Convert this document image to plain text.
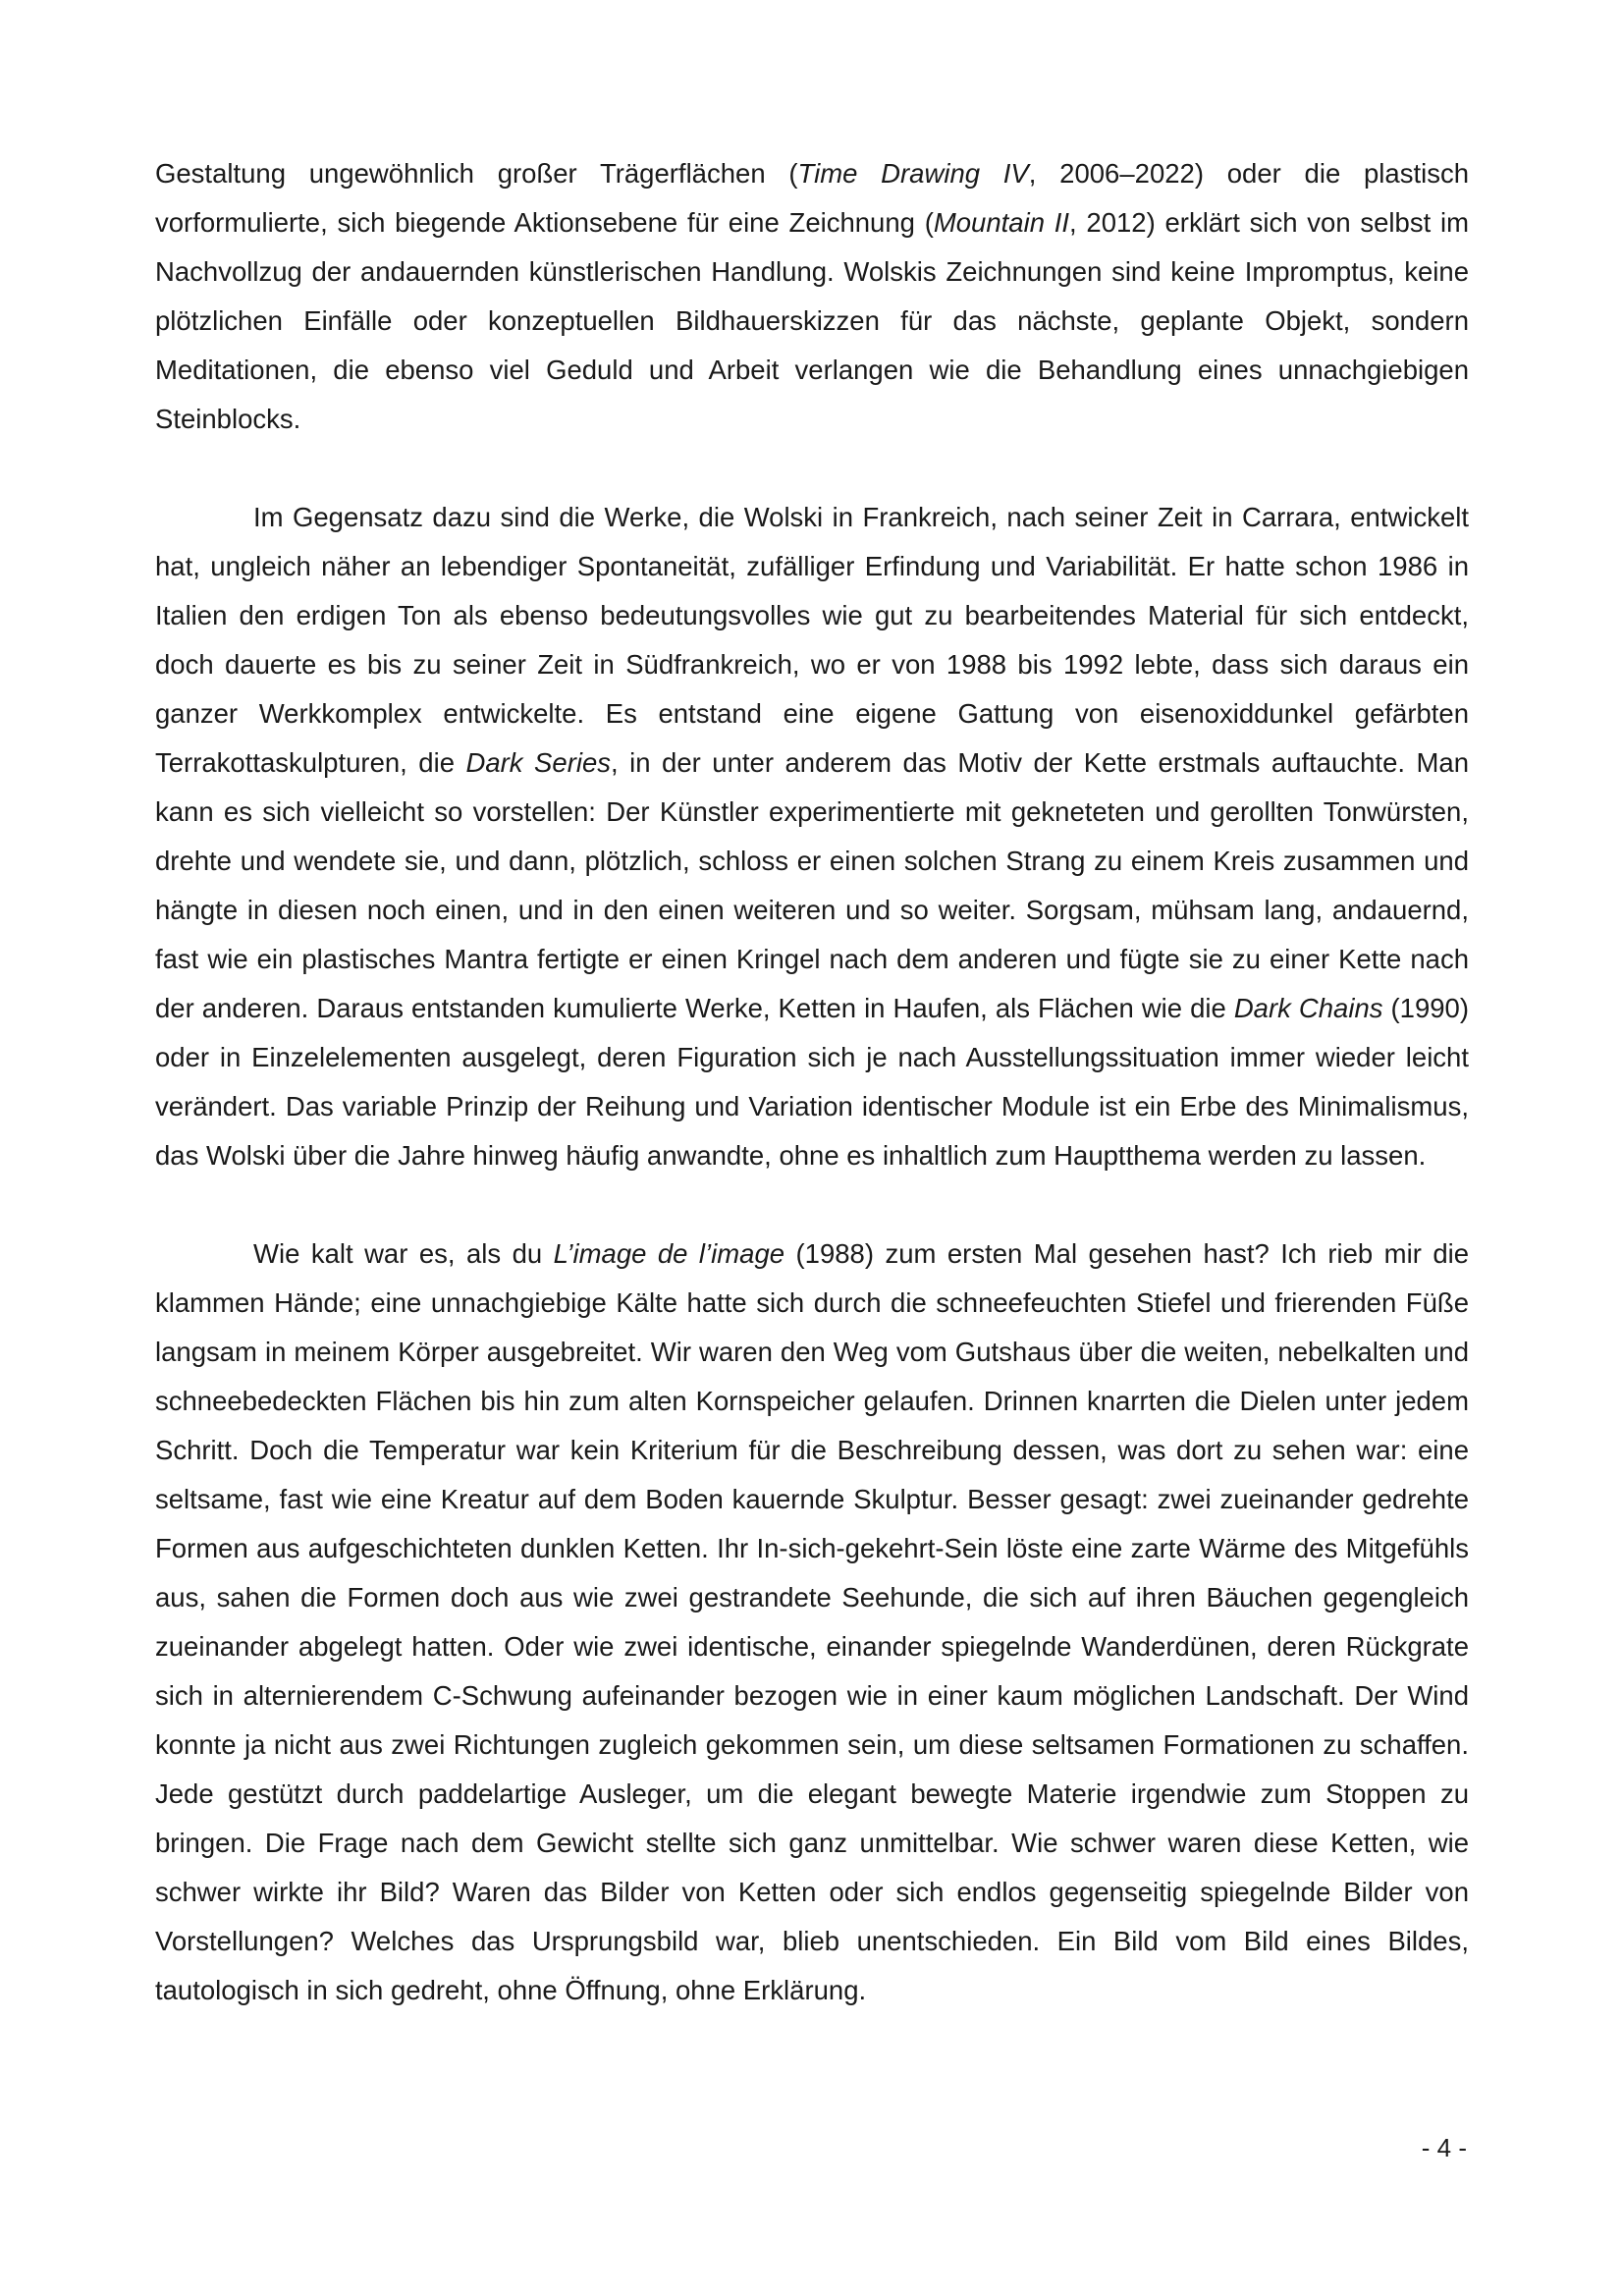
Gestaltung ungewöhnlich großer Trägerflächen (Time Drawing IV, 2006–2022) oder die plastisch vorformulierte, sich biegende Aktionsebene für eine Zeichnung (Mountain II, 2012) erklärt sich von selbst im Nachvollzug der andauernden künstlerischen Handlung. Wolskis Zeichnungen sind keine Impromptus, keine plötzlichen Einfälle oder konzeptuellen Bildhauerskizzen für das nächste, geplante Objekt, sondern Meditationen, die ebenso viel Geduld und Arbeit verlangen wie die Behandlung eines unnachgiebigen Steinblocks.

Im Gegensatz dazu sind die Werke, die Wolski in Frankreich, nach seiner Zeit in Carrara, entwickelt hat, ungleich näher an lebendiger Spontaneität, zufälliger Erfindung und Variabilität. Er hatte schon 1986 in Italien den erdigen Ton als ebenso bedeutungsvolles wie gut zu bearbeitendes Material für sich entdeckt, doch dauerte es bis zu seiner Zeit in Südfrankreich, wo er von 1988 bis 1992 lebte, dass sich daraus ein ganzer Werkkomplex entwickelte. Es entstand eine eigene Gattung von eisenoxiddunkel gefärbten Terrakottaskulpturen, die Dark Series, in der unter anderem das Motiv der Kette erstmals auftauchte. Man kann es sich vielleicht so vorstellen: Der Künstler experimentierte mit gekneteten und gerollten Tonwürsten, drehte und wendete sie, und dann, plötzlich, schloss er einen solchen Strang zu einem Kreis zusammen und hängte in diesen noch einen, und in den einen weiteren und so weiter. Sorgsam, mühsam lang, andauernd, fast wie ein plastisches Mantra fertigte er einen Kringel nach dem anderen und fügte sie zu einer Kette nach der anderen. Daraus entstanden kumulierte Werke, Ketten in Haufen, als Flächen wie die Dark Chains (1990) oder in Einzelelementen ausgelegt, deren Figuration sich je nach Ausstellungssituation immer wieder leicht verändert. Das variable Prinzip der Reihung und Variation identischer Module ist ein Erbe des Minimalismus, das Wolski über die Jahre hinweg häufig anwandte, ohne es inhaltlich zum Hauptthema werden zu lassen.

Wie kalt war es, als du L’image de l’image (1988) zum ersten Mal gesehen hast? Ich rieb mir die klammen Hände; eine unnachgiebige Kälte hatte sich durch die schneefeuchten Stiefel und frierenden Füße langsam in meinem Körper ausgebreitet. Wir waren den Weg vom Gutshaus über die weiten, nebelkalten und schneebedeckten Flächen bis hin zum alten Kornspeicher gelaufen. Drinnen knarrten die Dielen unter jedem Schritt. Doch die Temperatur war kein Kriterium für die Beschreibung dessen, was dort zu sehen war: eine seltsame, fast wie eine Kreatur auf dem Boden kauernde Skulptur. Besser gesagt: zwei zueinander gedrehte Formen aus aufgeschichteten dunklen Ketten. Ihr In-sich-gekehrt-Sein löste eine zarte Wärme des Mitgefühls aus, sahen die Formen doch aus wie zwei gestrandete Seehunde, die sich auf ihren Bäuchen gegengleich zueinander abgelegt hatten. Oder wie zwei identische, einander spiegelnde Wanderdünen, deren Rückgrate sich in alternierendem C-Schwung aufeinander bezogen wie in einer kaum möglichen Landschaft. Der Wind konnte ja nicht aus zwei Richtungen zugleich gekommen sein, um diese seltsamen Formationen zu schaffen. Jede gestützt durch paddelartige Ausleger, um die elegant bewegte Materie irgendwie zum Stoppen zu bringen. Die Frage nach dem Gewicht stellte sich ganz unmittelbar. Wie schwer waren diese Ketten, wie schwer wirkte ihr Bild? Waren das Bilder von Ketten oder sich endlos gegenseitig spiegelnde Bilder von Vorstellungen? Welches das Ursprungsbild war, blieb unentschieden. Ein Bild vom Bild eines Bildes, tautologisch in sich gedreht, ohne Öffnung, ohne Erklärung.

- 4 -
